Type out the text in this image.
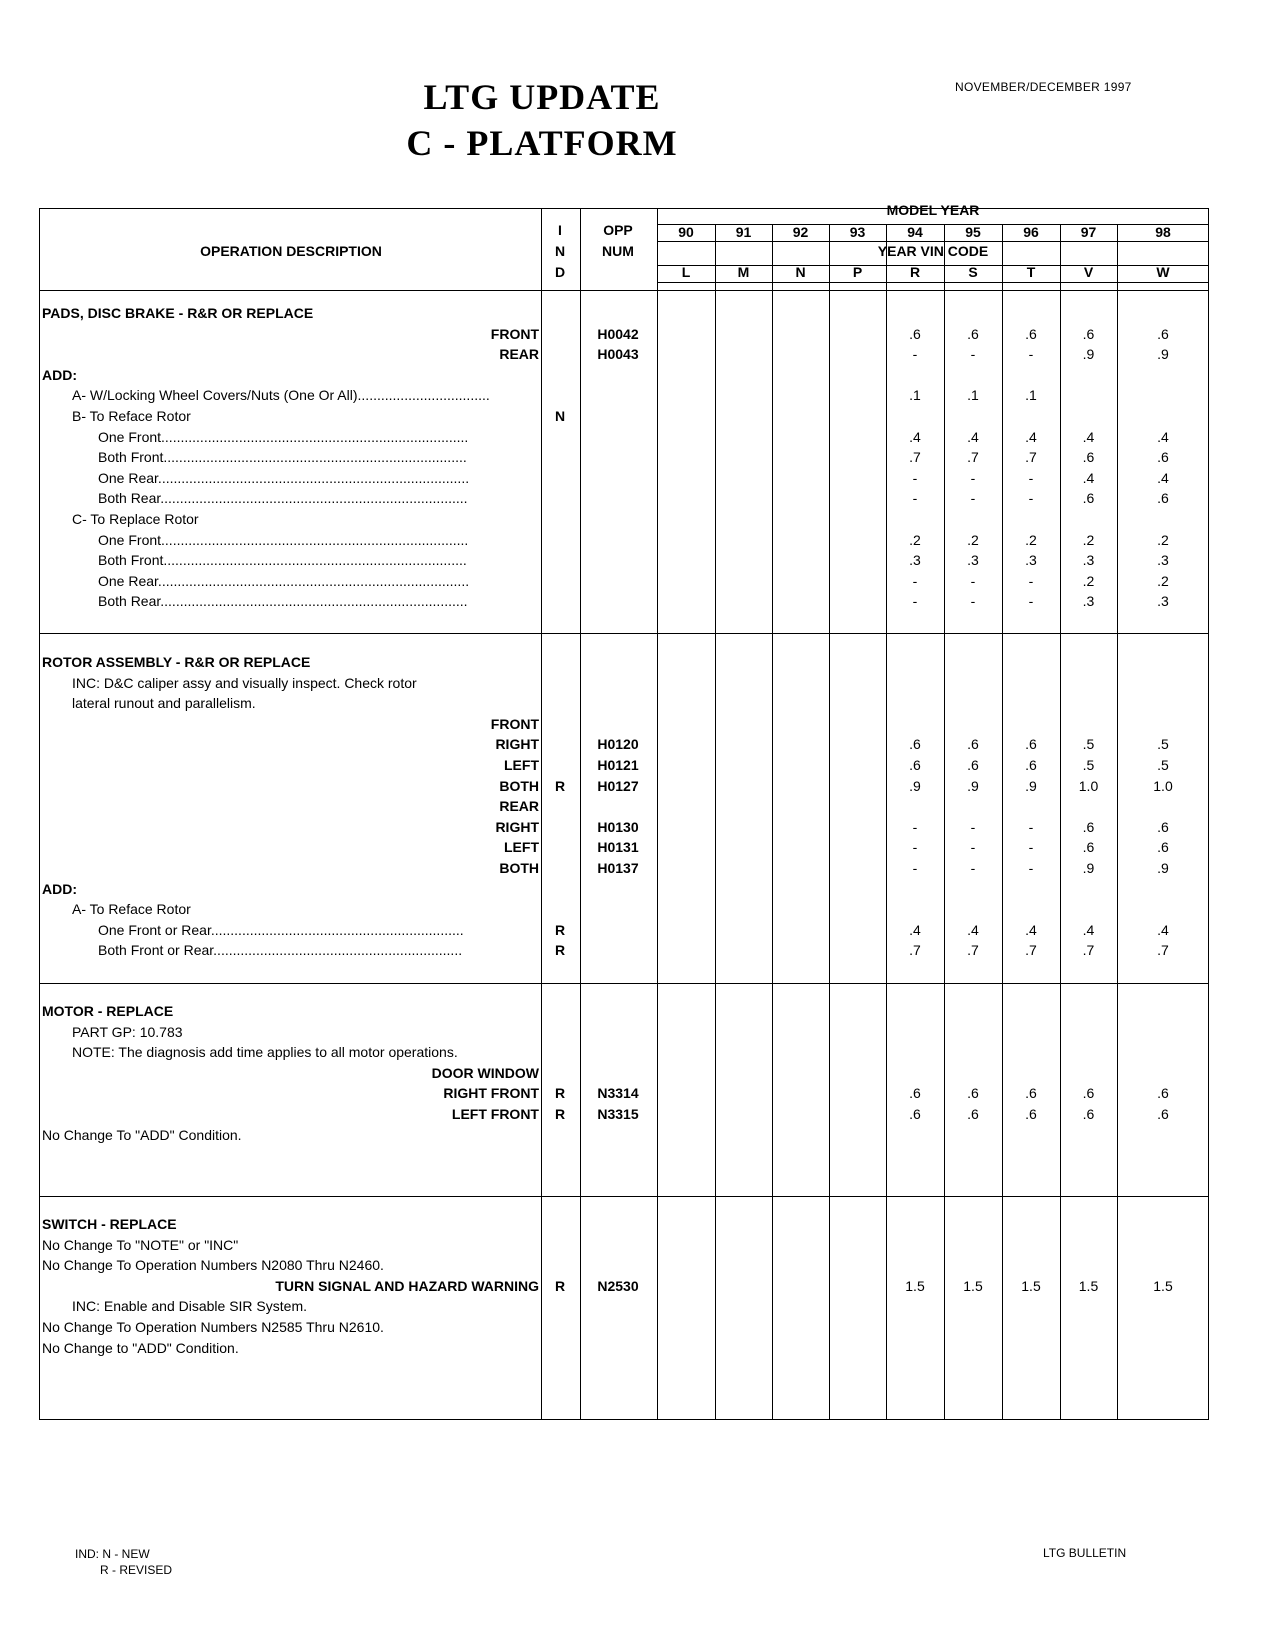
LTG UPDATE
C - PLATFORM
NOVEMBER/DECEMBER 1997
OPERATION DESCRIPTION
I
N
D
OPP
NUM
MODEL YEAR
YEAR VIN CODE
90	91	92	93	94	95	96	97	98
L	M	N	P	R	S	T	V	W
PADS, DISC BRAKE - R&R OR REPLACE
FRONT	H0042	.6	.6	.6	.6	.6
REAR	H0043	-	-	-	.9	.9
ADD:
A- W/Locking Wheel Covers/Nuts (One Or All)..................................	.1	.1	.1
B- To Reface Rotor	N
One Front...............................................................................	.4	.4	.4	.4	.4
Both Front..............................................................................	.7	.7	.7	.6	.6
One Rear................................................................................	-	-	-	.4	.4
Both Rear...............................................................................	-	-	-	.6	.6
C- To Replace Rotor
One Front...............................................................................	.2	.2	.2	.2	.2
Both Front..............................................................................	.3	.3	.3	.3	.3
One Rear................................................................................	-	-	-	.2	.2
Both Rear...............................................................................	-	-	-	.3	.3
ROTOR ASSEMBLY - R&R OR REPLACE
INC: D&C caliper assy and visually inspect. Check rotor
lateral runout and parallelism.
FRONT
RIGHT	H0120	.6	.6	.6	.5	.5
LEFT	H0121	.6	.6	.6	.5	.5
BOTH	R	H0127	.9	.9	.9	1.0	1.0
REAR
RIGHT	H0130	-	-	-	.6	.6
LEFT	H0131	-	-	-	.6	.6
BOTH	H0137	-	-	-	.9	.9
ADD:
A- To Reface Rotor
One Front or Rear.................................................................	R	.4	.4	.4	.4	.4
Both Front or Rear................................................................	R	.7	.7	.7	.7	.7
MOTOR - REPLACE
PART GP: 10.783
NOTE: The diagnosis add time applies to all motor operations.
DOOR WINDOW
RIGHT FRONT	R	N3314	.6	.6	.6	.6	.6
LEFT FRONT	R	N3315	.6	.6	.6	.6	.6
No Change To "ADD" Condition.
SWITCH - REPLACE
No Change To "NOTE" or "INC"
No Change To Operation Numbers N2080 Thru N2460.
TURN SIGNAL AND HAZARD WARNING	R	N2530	1.5	1.5	1.5	1.5	1.5
INC: Enable and Disable SIR System.
No Change To Operation Numbers N2585 Thru N2610.
No Change to "ADD" Condition.
IND: N - NEW
R - REVISED
LTG BULLETIN
